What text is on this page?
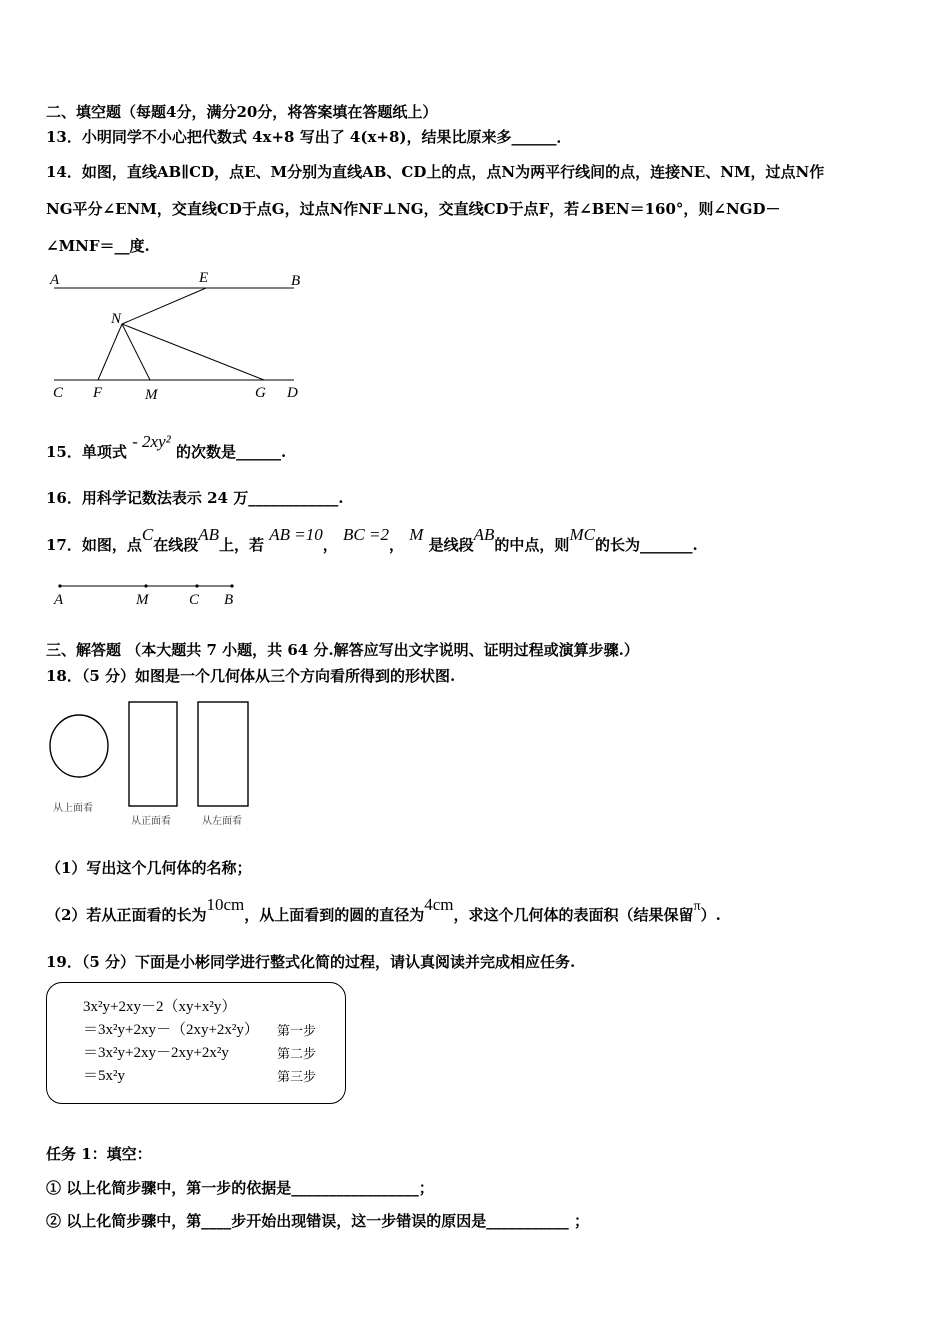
二、填空题（每题4分，满分20分，将答案填在答题纸上）
13．小明同学不小心把代数式 4x+8 写出了 4(x+8)，结果比原来多______．
14．如图，直线AB∥CD，点E、M分别为直线AB、CD上的点，点N为两平行线间的点，连接NE、NM，过点N作
NG平分∠ENM，交直线CD于点G，过点N作NF⊥NG，交直线CD于点F，若∠BEN＝160°，则∠NGD－
∠MNF＝__度.
A	E	B
N
C F	M	G D
15．单项式 - 2xy² 的次数是______.
16．用科学记数法表示 24 万____________.
17．如图，点C在线段AB上，若 AB =10， BC =2， M 是线段AB的中点，则MC的长为_______.
A	M	C B
三、解答题 （本大题共 7 小题，共 64 分.解答应写出文字说明、证明过程或演算步骤.）
18．（5 分）如图是一个几何体从三个方向看所得到的形状图.
从上面看
从正面看	从左面看
（1）写出这个几何体的名称；
（2）若从正面看的长为10cm，从上面看到的圆的直径为4cm，求这个几何体的表面积（结果保留π）.
19．（5 分）下面是小彬同学进行整式化简的过程，请认真阅读并完成相应任务.
3x²y+2xy－2（xy+x²y）
＝3x²y+2xy－（2xy+2x²y） 第一步
＝3x²y+2xy－2xy+2x²y	第二步
＝5x²y	第三步
任务 1：填空：
① 以上化简步骤中，第一步的依据是_________________；
② 以上化简步骤中，第____步开始出现错误，这一步错误的原因是___________ ；
